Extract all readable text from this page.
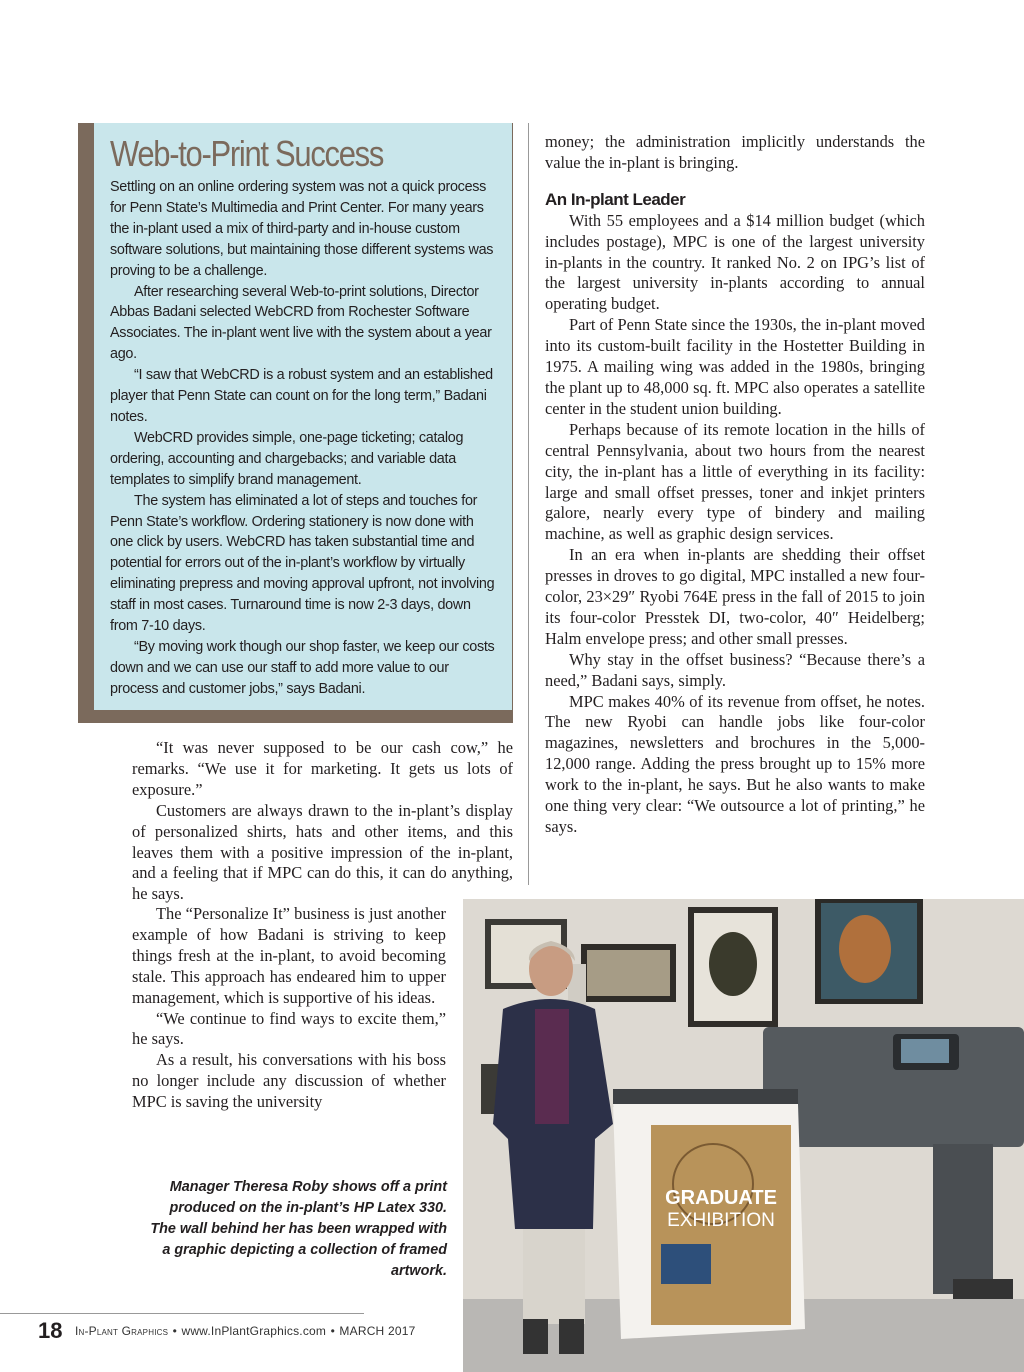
Web-to-Print Success

Settling on an online ordering system was not a quick process for Penn State’s Multimedia and Print Center. For many years the in-plant used a mix of third-party and in-house custom software solutions, but maintaining those different systems was proving to be a challenge.

After researching several Web-to-print solutions, Director Abbas Badani selected WebCRD from Rochester Software Associates. The in-plant went live with the system about a year ago.

“I saw that WebCRD is a robust system and an established player that Penn State can count on for the long term,” Badani notes.

WebCRD provides simple, one-page ticketing; catalog ordering, accounting and chargebacks; and variable data templates to simplify brand management.

The system has eliminated a lot of steps and touches for Penn State’s workflow. Ordering stationery is now done with one click by users. WebCRD has taken substantial time and potential for errors out of the in-plant’s workflow by virtually eliminating prepress and moving approval upfront, not involving staff in most cases. Turnaround time is now 2-3 days, down from 7-10 days.

“By moving work though our shop faster, we keep our costs down and we can use our staff to add more value to our process and customer jobs,” says Badani.

“It was never supposed to be our cash cow,” he remarks. “We use it for marketing. It gets us lots of exposure.”

Customers are always drawn to the in-plant’s display of personalized shirts, hats and other items, and this leaves them with a positive impression of the in-plant, and a feeling that if MPC can do this, it can do anything, he says.

The “Personalize It” business is just another example of how Badani is striving to keep things fresh at the in-plant, to avoid becoming stale. This approach has endeared him to upper management, which is supportive of his ideas.

“We continue to find ways to excite them,” he says.

As a result, his conversations with his boss no longer include any discussion of whether MPC is saving the university

money; the administration implicitly understands the value the in-plant is bringing.

An In-plant Leader

With 55 employees and a $14 million budget (which includes postage), MPC is one of the largest university in-plants in the country. It ranked No. 2 on IPG’s list of the largest university in-plants according to annual operating budget.

Part of Penn State since the 1930s, the in-plant moved into its custom-built facility in the Hostetter Building in 1975. A mailing wing was added in the 1980s, bringing the plant up to 48,000 sq. ft. MPC also operates a satellite center in the student union building.

Perhaps because of its remote location in the hills of central Pennsylvania, about two hours from the nearest city, the in-plant has a little of everything in its facility: large and small offset presses, toner and inkjet printers galore, nearly every type of bindery and mailing machine, as well as graphic design services.

In an era when in-plants are shedding their offset presses in droves to go digital, MPC installed a new four-color, 23×29″ Ryobi 764E press in the fall of 2015 to join its four-color Presstek DI, two-color, 40″ Heidelberg; Halm envelope press; and other small presses.

Why stay in the offset business? “Because there’s a need,” Badani says, simply.

MPC makes 40% of its revenue from offset, he notes. The new Ryobi can handle jobs like four-color magazines, newsletters and brochures in the 5,000-12,000 range. Adding the press brought up to 15% more work to the in-plant, he says. But he also wants to make one thing very clear: “We outsource a lot of printing,” he says.

GRADUATE
EXHIBITION
Manager Theresa Roby shows off a print produced on the in-plant’s HP Latex 330. The wall behind her has been wrapped with a graphic depicting a collection of framed artwork.
18 In-Plant Graphics • www.InPlantGraphics.com • MARCH 2017
